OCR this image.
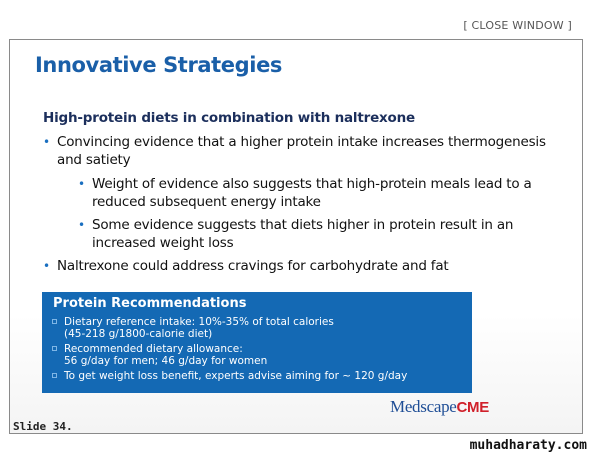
[ CLOSE WINDOW ]
Innovative Strategies
High-protein diets in combination with naltrexone
• Convincing evidence that a higher protein intake increases thermogenesis and satiety
• Weight of evidence also suggests that high-protein meals lead to a reduced subsequent energy intake
• Some evidence suggests that diets higher in protein result in an increased weight loss
• Naltrexone could address cravings for carbohydrate and fat
Protein Recommendations
Dietary reference intake: 10%-35% of total calories
(45-218 g/1800-calorie diet)
Recommended dietary allowance:
56 g/day for men; 46 g/day for women
To get weight loss benefit, experts advise aiming for ~ 120 g/day
MedscapeCME
Slide 34.
muhadharaty.com
